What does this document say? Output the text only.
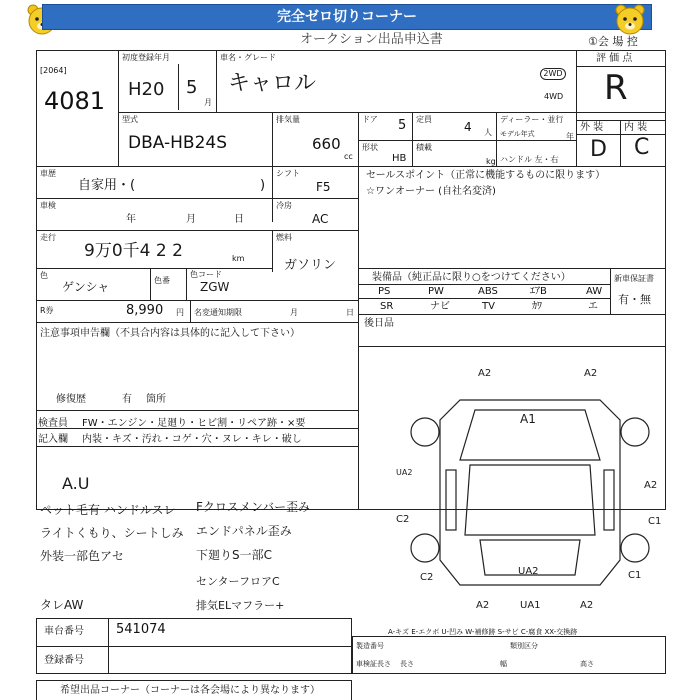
完全ゼロ切りコーナー
オークション出品申込書	①会 場 控
[2064]
4081
初度登録年月
H20 5
月
車名・グレード
キャロル	2WD
4WD
評 価 点
R
型式
DBA-HB24S
排気量
660
cc
ドア 5 定員
4 人
ディーラー・並行
モデル年式	年
形状
HB
積載
kg ハンドル 左・右
外 装 内 装
D C
車歴
自家用・(	)
シフト
F5
セールスポイント（正常に機能するものに限ります）
☆ワンオーナー (自社名変済)
車検
年	月	日
冷房
AC
走行
9万0千4 2 2	km
燃料
ガソリン
色
ゲンシャ	色番
色コード
ZGW
R券	8,990 円 名変通知期限	月	日
注意事項申告欄（不具合内容は具体的に記入して下さい）
修復歴	有 箇所
検査員 FW・エンジン・足廻り・ヒビ割・リペア跡・×要
記入欄 内装・キズ・汚れ・コゲ・穴・ヌレ・キレ・破し
装備品（純正品に限り○をつけてください）	新車保証書
有・無
PS	PW	ABS	ｴｱB	AW
SR	ナビ	TV	ｶﾜ	エ
後日品
A.U
ペット毛有 ハンドルスレ
ライトくもり、シートしみ
外装一部色アセ
タレAW
Fクロスメンバー歪み
エンドパネル歪み
下廻りS一部C
センターフロアC
排気ELマフラー+
A2	A2
A1
UA2
C2
C2
A2
C1
C1
UA2
A2	UA1	A2
A-キズ E-エクボ U-凹み W-補修跡 S-サビ C-腐食 XX-交換跡
車台番号 541074
登録番号
製造番号	類別区分
車検証長さ 長さ	幅	高さ
希望出品コーナー（コーナーは各会場により異なります）
